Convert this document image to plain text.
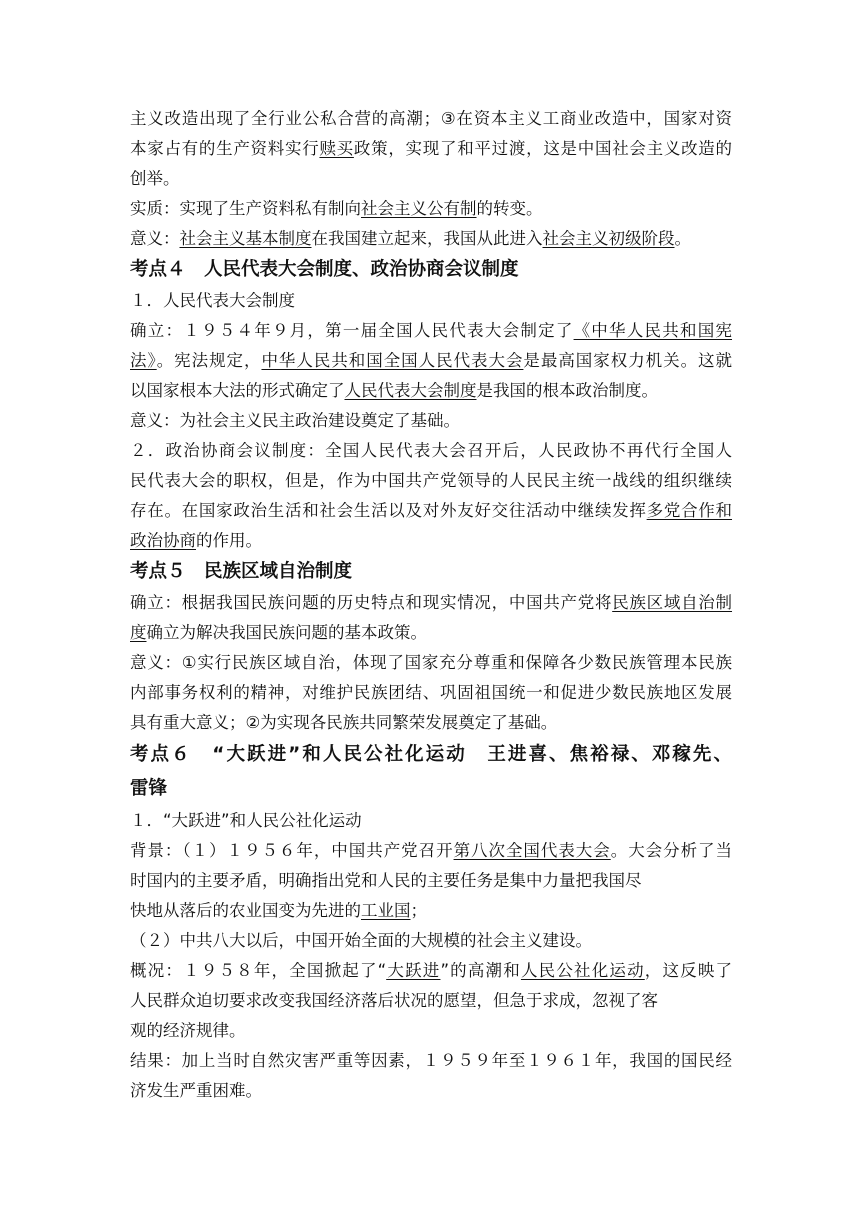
主义改造出现了全行业公私合营的高潮；③在资本主义工商业改造中，国家对资
本家占有的生产资料实行赎买政策，实现了和平过渡，这是中国社会主义改造的
创举。
实质：实现了生产资料私有制向社会主义公有制的转变。
意义：社会主义基本制度在我国建立起来，我国从此进入社会主义初级阶段。
考点４　人民代表大会制度、政治协商会议制度
１．人民代表大会制度
确立：１９５４年９月，第一届全国人民代表大会制定了《中华人民共和国宪
法》。宪法规定，中华人民共和国全国人民代表大会是最高国家权力机关。这就
以国家根本大法的形式确定了人民代表大会制度是我国的根本政治制度。
意义：为社会主义民主政治建设奠定了基础。
２．政治协商会议制度：全国人民代表大会召开后，人民政协不再代行全国人
民代表大会的职权，但是，作为中国共产党领导的人民民主统一战线的组织继续
存在。在国家政治生活和社会生活以及对外友好交往活动中继续发挥多党合作和
政治协商的作用。
考点５　民族区域自治制度
确立：根据我国民族问题的历史特点和现实情况，中国共产党将民族区域自治制
度确立为解决我国民族问题的基本政策。
意义：①实行民族区域自治，体现了国家充分尊重和保障各少数民族管理本民族
内部事务权利的精神，对维护民族团结、巩固祖国统一和促进少数民族地区发展
具有重大意义；②为实现各民族共同繁荣发展奠定了基础。
考点６　“大跃进”和人民公社化运动　王进喜、焦裕禄、邓稼先、
雷锋
１．“大跃进”和人民公社化运动
背景：（１）１９５６年，中国共产党召开第八次全国代表大会。大会分析了当
时国内的主要矛盾，明确指出党和人民的主要任务是集中力量把我国尽
快地从落后的农业国变为先进的工业国；
（２）中共八大以后，中国开始全面的大规模的社会主义建设。
概况：１９５８年，全国掀起了“大跃进”的高潮和人民公社化运动，这反映了
人民群众迫切要求改变我国经济落后状况的愿望，但急于求成，忽视了客
观的经济规律。
结果：加上当时自然灾害严重等因素，１９５９年至１９６１年，我国的国民经
济发生严重困难。
